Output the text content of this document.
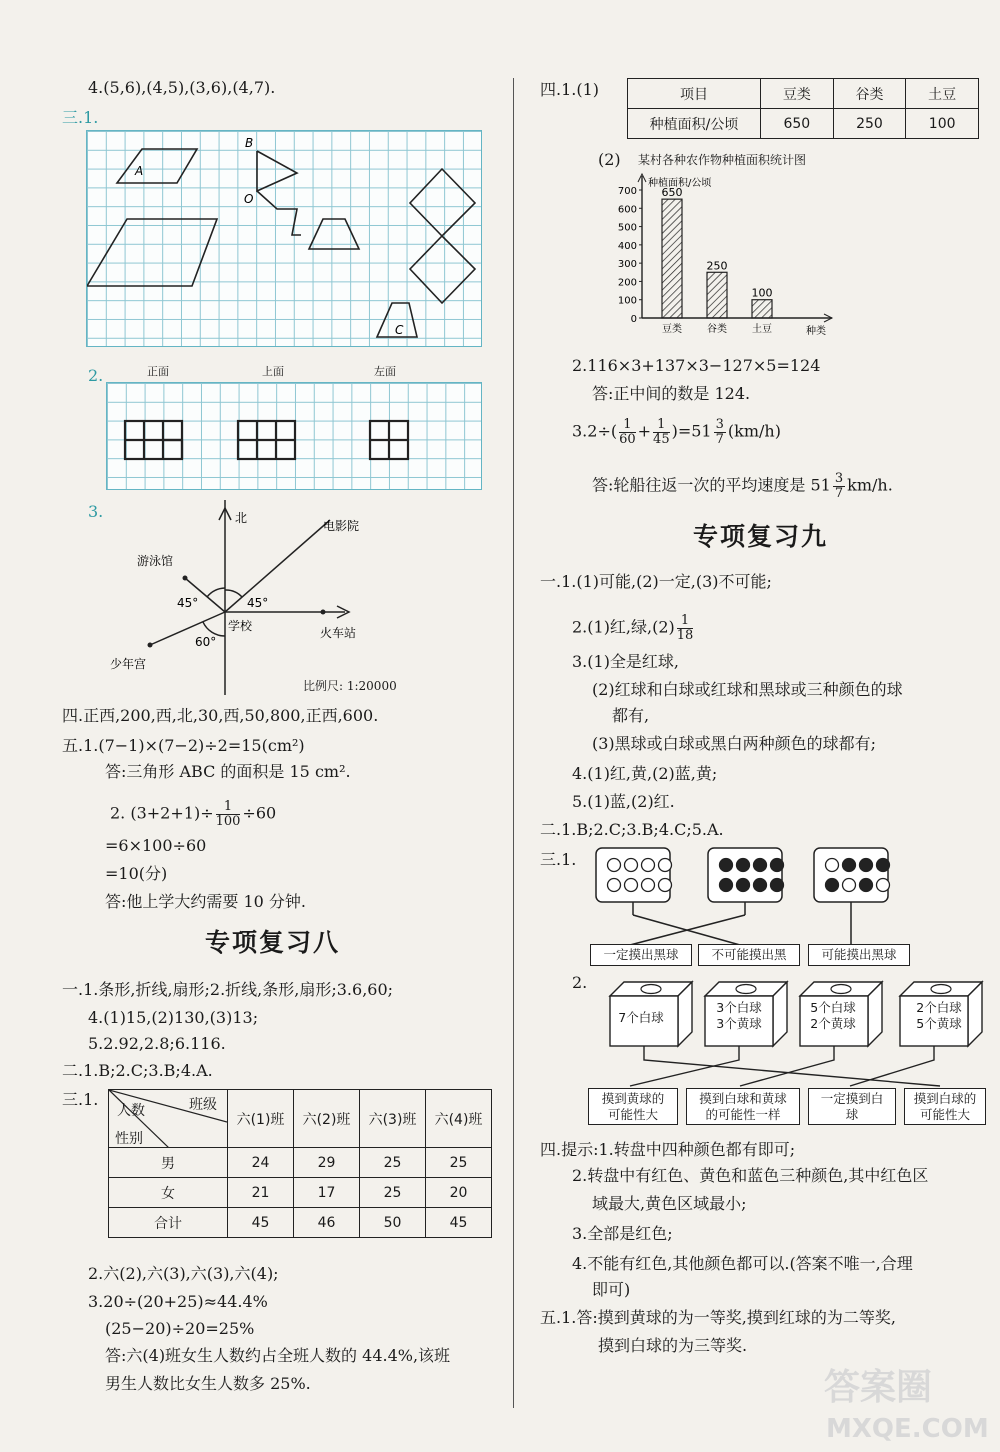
4.(5,6),(4,5),(3,6),(4,7).
三.1.
A
B
O
C
2.	正面	上面	左面
3.	北
电影院
游泳馆
学校	火车站
少年宫
45°	45°
60°
比例尺: 1:20000
四.正西,200,西,北,30,西,50,800,正西,600.
五.1.(7−1)×(7−2)÷2=15(cm²)
答:三角形 ABC 的面积是 15 cm².
2. $(3+2+1)\div \frac{1}{100} \div 60$
=6×100÷60
=10(分)
答:他上学大约需要 10 分钟.
专项复习八
一.1.条形,折线,扇形;2.折线,条形,扇形;3.6,60;
4.(1)15,(2)130,(3)13;
5.2.92,2.8;6.116.
二.1.B;2.C;3.B;4.A.
三.1.	班级
人数
性别	六(1)班	六(2)班	六(3)班	六(4)班
男	24	29	25	25
女	21	17	25	20
合计	45	46	50	45
2.六(2),六(3),六(3),六(4);
3.20÷(20+25)≈44.4%
(25−20)÷20=25%
答:六(4)班女生人数约占全班人数的 44.4%,该班
男生人数比女生人数多 25%.
四.1.(1)	项目	豆类	谷类	土豆
种植面积/公顷	650	250	100
(2) 某村各种农作物种植面积统计图
种植面积/公顷
种类
0
100
200
300
400
500
600
700 650
豆类
250
谷类
100
土豆
2.116×3+137×3−127×5=124
答:正中间的数是 124.
$3.2\div( \frac{1}{60} + \frac{1}{45} )=51 \frac{3}{7} (km/h)$
答:轮船往返一次的平均速度是 $51 \frac{3}{7} km/h$.
专项复习九
一.1.(1)可能,(2)一定,(3)不可能;
2.(1)红,绿$,(2) \frac{1}{18}$
3.(1)全是红球,
(2)红球和白球或红球和黑球或三种颜色的球
都有,
(3)黑球或白球或黑白两种颜色的球都有;
4.(1)红,黄,(2)蓝,黄;
5.(1)蓝,(2)红.
二.1.B;2.C;3.B;4.C;5.A.
三.1.
一定摸出黑球	不可能摸出黑	可能摸出黑球
2.
7个白球
3个白球
3个黄球
5个白球
2个黄球
2个白球
5个黄球
摸到黄球的
可能性大
摸到白球和黄球
的可能性一样
一定摸到白
球
摸到白球的
可能性大
四.提示:1.转盘中四种颜色都有即可;
2.转盘中有红色、黄色和蓝色三种颜色,其中红色区
域最大,黄色区域最小;
3.全部是红色;
4.不能有红色,其他颜色都可以.(答案不唯一,合理
即可)
五.1.答:摸到黄球的为一等奖,摸到红球的为二等奖,
摸到白球的为三等奖.
答案圈
MXQE.COM
